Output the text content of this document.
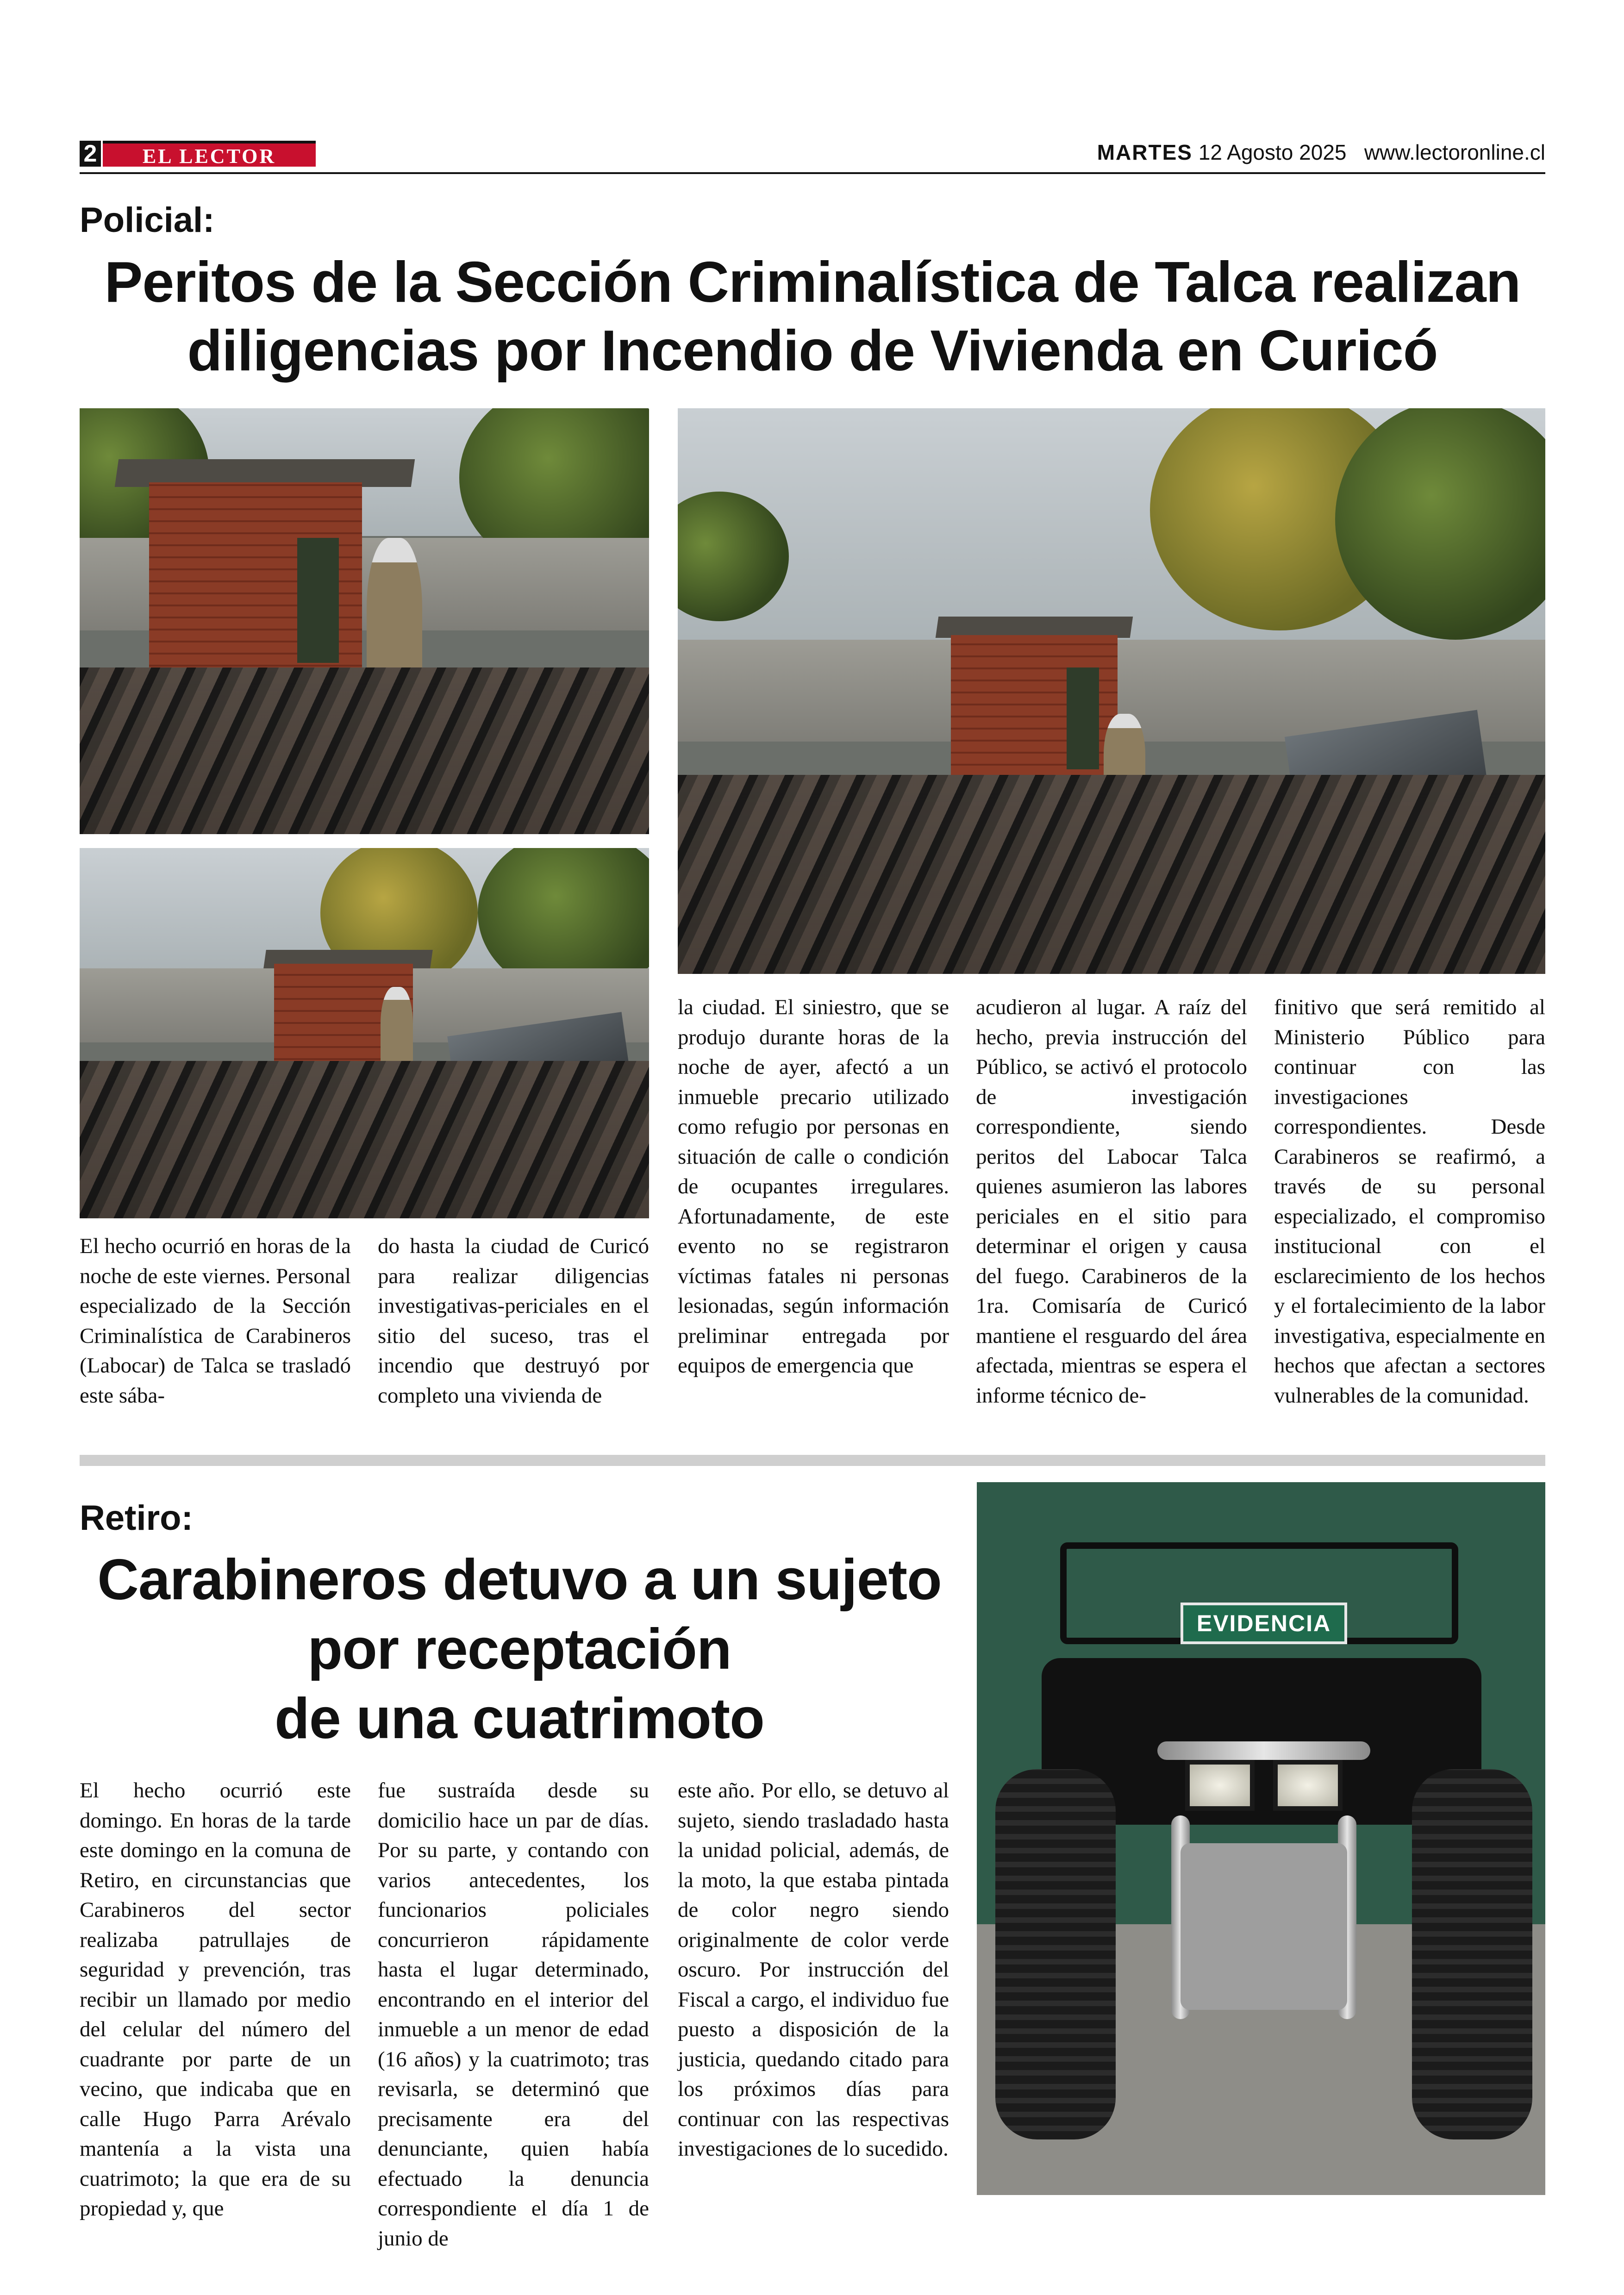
2	EL LECTOR	MARTES 12 Agosto 2025 www.lectoronline.cl
Policial:
Peritos de la Sección Criminalística de Talca realizan
diligencias por Incendio de Vivienda en Curicó
El hecho ocurrió en horas de la noche de este viernes. Personal especializado de la Sección Criminalística de Carabineros (Labocar) de Talca se trasladó este sába-
do hasta la ciudad de Curicó para realizar diligencias investigativas-periciales en el sitio del suceso, tras el incendio que destruyó por completo una vivienda de
la ciudad. El siniestro, que se produjo durante horas de la noche de ayer, afectó a un inmueble precario utilizado como refugio por personas en situación de calle o condición de ocupantes irregulares. Afortunadamente, de este evento no se registraron víctimas fatales ni personas lesionadas, según información preliminar entregada por equipos de emergencia que
acudieron al lugar. A raíz del hecho, previa instrucción del Público, se activó el protocolo de investigación correspondiente, siendo peritos del Labocar Talca quienes asumieron las labores periciales en el sitio para determinar el origen y causa del fuego. Carabineros de la 1ra. Comisaría de Curicó mantiene el resguardo del área afectada, mientras se espera el informe técnico de-
finitivo que será remitido al Ministerio Público para continuar con las investigaciones correspondientes. Desde Carabineros se reafirmó, a través de su personal especializado, el compromiso institucional con el esclarecimiento de los hechos y el fortalecimiento de la labor investigativa, especialmente en hechos que afectan a sectores vulnerables de la comunidad.
Retiro:
Carabineros detuvo a un sujeto
por receptación
de una cuatrimoto
EVIDENCIA
El hecho ocurrió este domingo. En horas de la tarde este domingo en la comuna de Retiro, en circunstancias que Carabineros del sector realizaba patrullajes de seguridad y prevención, tras recibir un llamado por medio del celular del número del cuadrante por parte de un vecino, que indicaba que en calle Hugo Parra Arévalo mantenía a la vista una cuatrimoto; la que era de su propiedad y, que
fue sustraída desde su domicilio hace un par de días. Por su parte, y contando con varios antecedentes, los funcionarios policiales concurrieron rápidamente hasta el lugar determinado, encontrando en el interior del inmueble a un menor de edad (16 años) y la cuatrimoto; tras revisarla, se determinó que precisamente era del denunciante, quien había efectuado la denuncia correspondiente el día 1 de junio de
este año. Por ello, se detuvo al sujeto, siendo trasladado hasta la unidad policial, además, de la moto, la que estaba pintada de color negro siendo originalmente de color verde oscuro. Por instrucción del Fiscal a cargo, el individuo fue puesto a disposición de la justicia, quedando citado para los próximos días para continuar con las respectivas investigaciones de lo sucedido.
